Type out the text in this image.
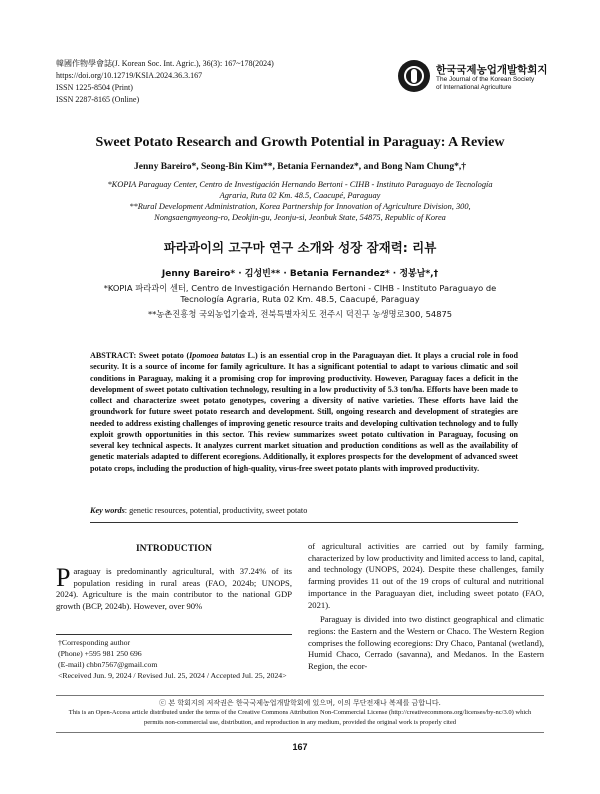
韓國作物學會誌(J. Korean Soc. Int. Agric.), 36(3): 167~178(2024)
https://doi.org/10.12719/KSIA.2024.36.3.167
ISSN 1225-8504 (Print)
ISSN 2287-8165 (Online)
한국국제농업개발학회지
The Journal of the Korean Society
of International Agriculture
Sweet Potato Research and Growth Potential in Paraguay: A Review
Jenny Bareiro*, Seong-Bin Kim**, Betania Fernandez*, and Bong Nam Chung*,†
*KOPIA Paraguay Center, Centro de Investigación Hernando Bertoni - CIHB - Instituto Paraguayo de Tecnología
Agraria, Ruta 02 Km. 48.5, Caacupé, Paraguay
**Rural Development Administration, Korea Partnership for Innovation of Agriculture Division, 300,
Nongsaengmyeong-ro, Deokjin-gu, Jeonju-si, Jeonbuk State, 54875, Republic of Korea
파라과이의 고구마 연구 소개와 성장 잠재력: 리뷰
Jenny Bareiro* · 김성빈** · Betania Fernandez* · 정봉남*,†
*KOPIA 파라과이 센터, Centro de Investigación Hernando Bertoni - CIHB - Instituto Paraguayo de
Tecnología Agraria, Ruta 02 Km. 48.5, Caacupé, Paraguay
**농촌진흥청 국외농업기술과, 전북특별자치도 전주시 덕진구 농생명로300, 54875
ABSTRACT: Sweet potato (Ipomoea batatas L.) is an essential crop in the Paraguayan diet. It plays a crucial role in food security. It is a source of income for family agriculture. It has a significant potential to adapt to various climatic and soil conditions in Paraguay, making it a promising crop for improving productivity. However, Paraguay faces a deficit in the development of sweet potato cultivation technology, resulting in a low productivity of 5.3 ton/ha. Efforts have been made to collect and characterize sweet potato genotypes, covering a diversity of native varieties. These efforts have laid the groundwork for future sweet potato research and development. Still, ongoing research and development of strategies are needed to address existing challenges of improving genetic resource traits and developing cultivation technology and to fully exploit growth opportunities in this sector. This review summarizes sweet potato cultivation in Paraguay, focusing on several key technical aspects. It analyzes current market situation and production conditions as well as the availability of genetic materials adapted to different ecoregions. Additionally, it explores prospects for the development of advanced sweet potato crops, including the production of high-quality, virus-free sweet potato plants with improved productivity.
Key words: genetic resources, potential, productivity, sweet potato
INTRODUCTION
Paraguay is predominantly agricultural, with 37.24% of its population residing in rural areas (FAO, 2024b; UNOPS, 2024). Agriculture is the main contributor to the national GDP growth (BCP, 2024b). However, over 90%
of agricultural activities are carried out by family farming, characterized by low productivity and limited access to land, capital, and technology (UNOPS, 2024). Despite these challenges, family farming provides 11 out of the 19 crops of cultural and nutritional importance in the Paraguayan diet, including sweet potato (FAO, 2021).
Paraguay is divided into two distinct geographical and climatic regions: the Eastern and the Western or Chaco. The Western Region comprises the following ecoregions: Dry Chaco, Pantanal (wetland), Humid Chaco, Cerrado (savanna), and Medanos. In the Eastern Region, the ecor-
†Corresponding author
(Phone) +595 981 250 696
(E-mail) chbn7567@gmail.com
<Received Jun. 9, 2024 / Revised Jul. 25, 2024 / Accepted Jul. 25, 2024>
ⓒ 본 학회지의 저작권은 한국국제농업개발학회에 있으며, 이의 무단전재나 복제를 금합니다.
This is an Open-Access article distributed under the terms of the Creative Commons Attribution Non-Commercial License (http://creativecommons.org/licenses/by-nc/3.0) which
permits non-commercial use, distribution, and reproduction in any medium, provided the original work is properly cited
167
